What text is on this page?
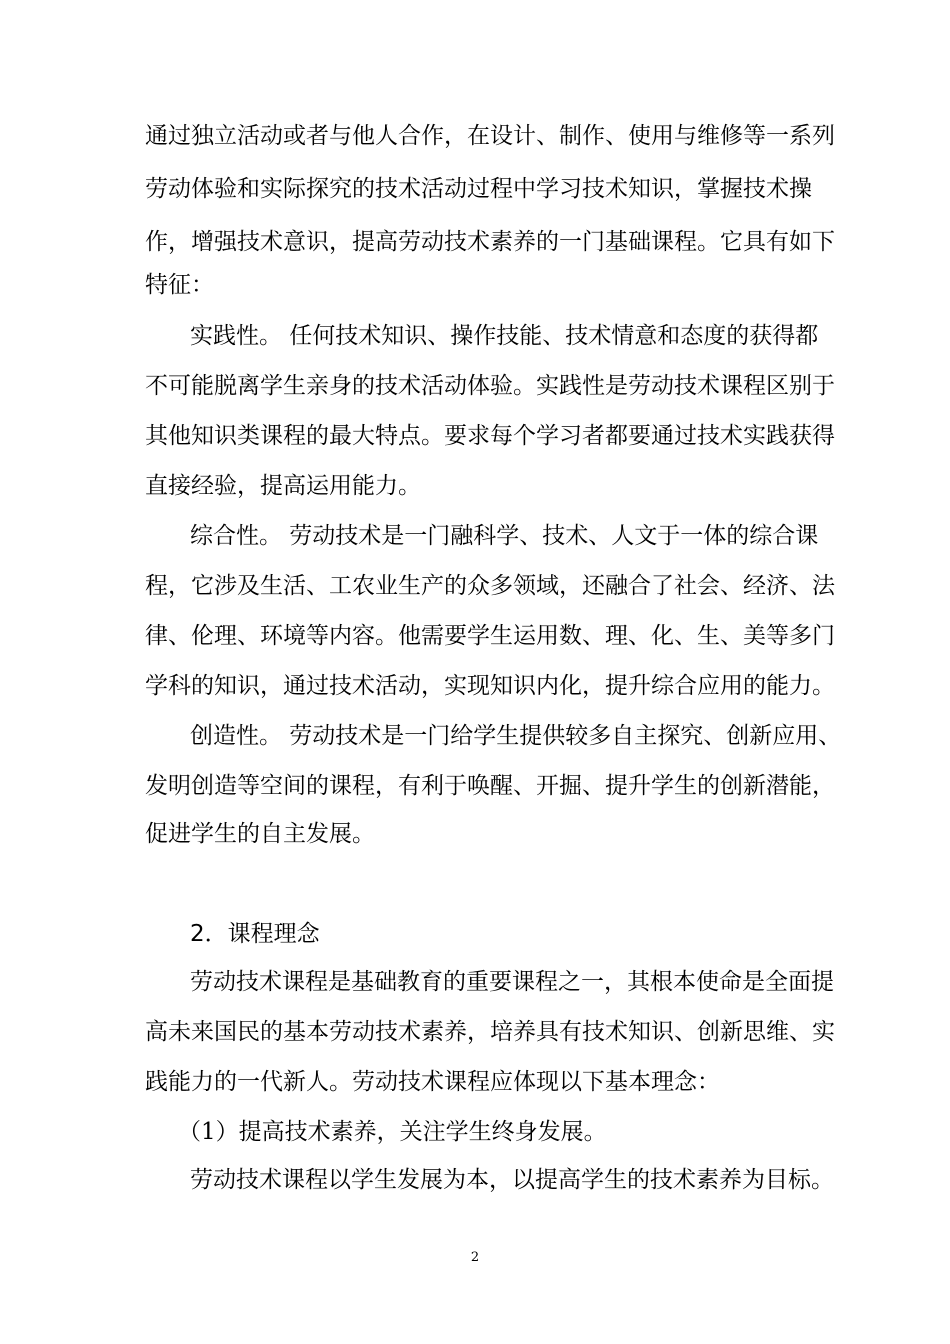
通过独立活动或者与他人合作，在设计、制作、使用与维修等一系列
劳动体验和实际探究的技术活动过程中学习技术知识，掌握技术操
作，增强技术意识，提高劳动技术素养的一门基础课程。它具有如下
特征：
实践性。 任何技术知识、操作技能、技术情意和态度的获得都
不可能脱离学生亲身的技术活动体验。实践性是劳动技术课程区别于
其他知识类课程的最大特点。要求每个学习者都要通过技术实践获得
直接经验，提高运用能力。
综合性。 劳动技术是一门融科学、技术、人文于一体的综合课
程，它涉及生活、工农业生产的众多领域，还融合了社会、经济、法
律、伦理、环境等内容。他需要学生运用数、理、化、生、美等多门
学科的知识，通过技术活动，实现知识内化，提升综合应用的能力。
创造性。 劳动技术是一门给学生提供较多自主探究、创新应用、
发明创造等空间的课程，有利于唤醒、开掘、提升学生的创新潜能，
促进学生的自主发展。
2．课程理念
劳动技术课程是基础教育的重要课程之一，其根本使命是全面提
高未来国民的基本劳动技术素养，培养具有技术知识、创新思维、实
践能力的一代新人。劳动技术课程应体现以下基本理念：
（1）提高技术素养，关注学生终身发展。
劳动技术课程以学生发展为本，以提高学生的技术素养为目标。
2
